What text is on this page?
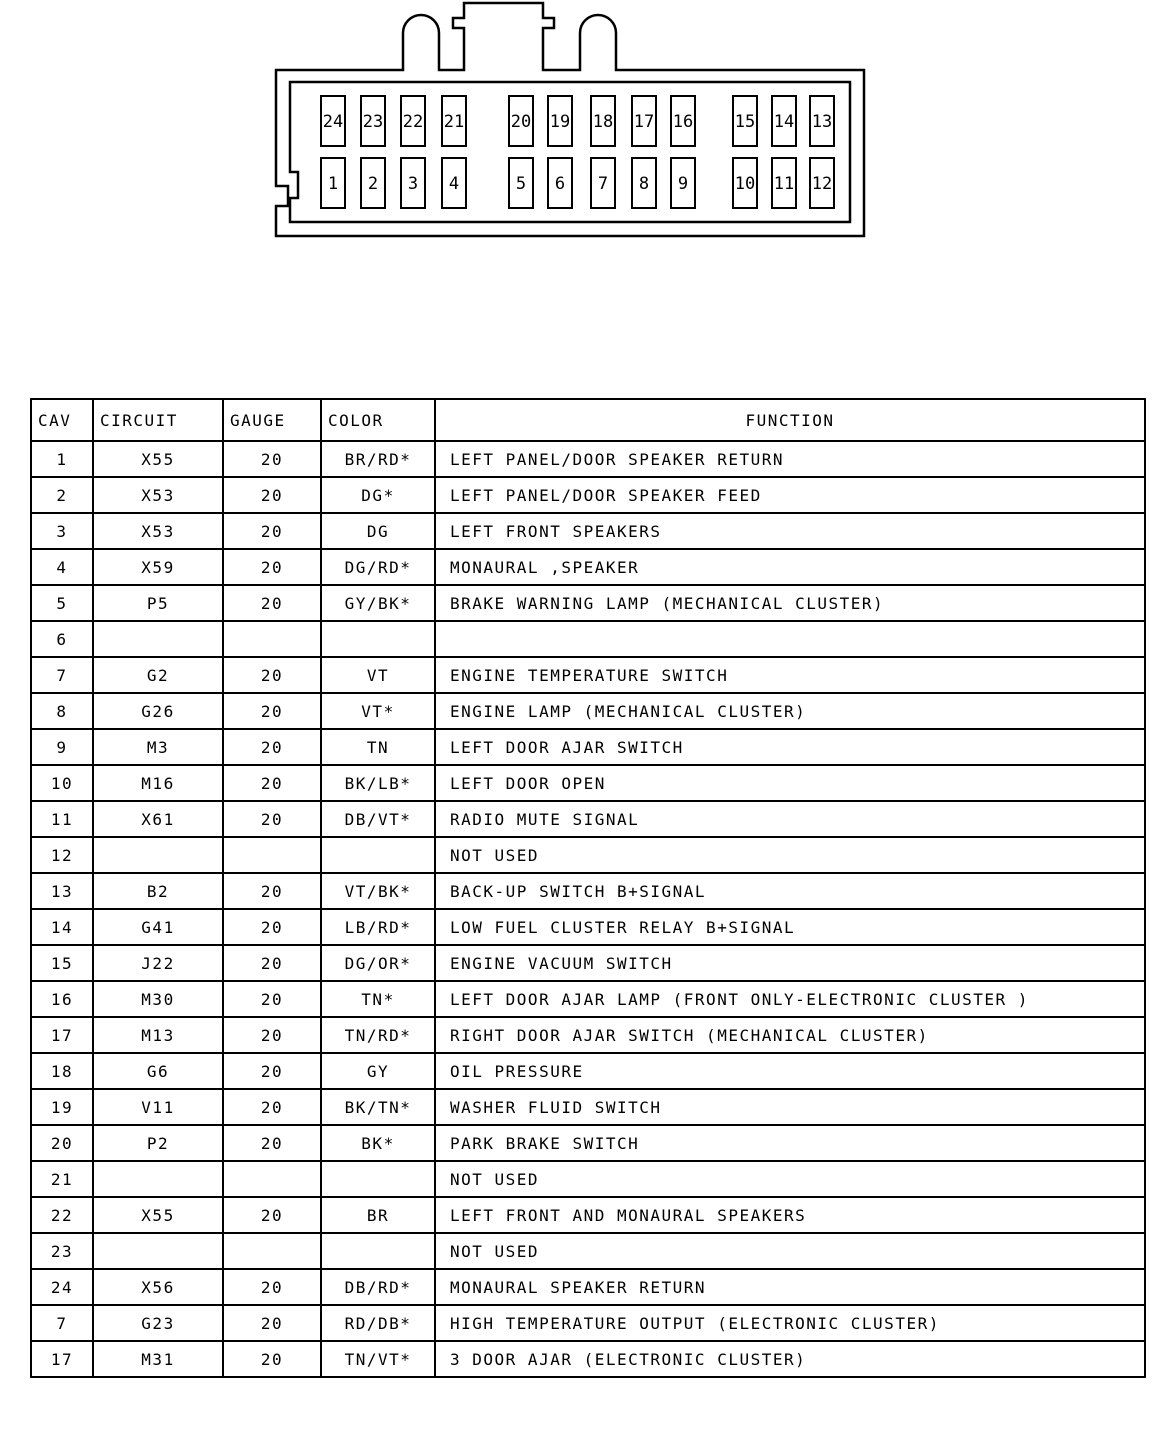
24 23 22 21	20 19 18 17 16 15 14 13
1 2 3 4	5 6 7 8 9	10 11 12
CAV	CIRCUIT	GAUGE	COLOR	FUNCTION
1	X55	20	BR/RD*	LEFT PANEL/DOOR SPEAKER RETURN
2	X53	20	DG*	LEFT PANEL/DOOR SPEAKER FEED
3	X53	20	DG	LEFT FRONT SPEAKERS
4	X59	20	DG/RD*	MONAURAL ,SPEAKER
5	P5	20	GY/BK*	BRAKE WARNING LAMP (MECHANICAL CLUSTER)
6				
7	G2	20	VT	ENGINE TEMPERATURE SWITCH
8	G26	20	VT*	ENGINE LAMP (MECHANICAL CLUSTER)
9	M3	20	TN	LEFT DOOR AJAR SWITCH
10	M16	20	BK/LB*	LEFT DOOR OPEN
11	X61	20	DB/VT*	RADIO MUTE SIGNAL
12				NOT USED
13	B2	20	VT/BK*	BACK-UP SWITCH B+SIGNAL
14	G41	20	LB/RD*	LOW FUEL CLUSTER RELAY B+SIGNAL
15	J22	20	DG/OR*	ENGINE VACUUM SWITCH
16	M30	20	TN*	LEFT DOOR AJAR LAMP (FRONT ONLY-ELECTRONIC CLUSTER )
17	M13	20	TN/RD*	RIGHT DOOR AJAR SWITCH (MECHANICAL CLUSTER)
18	G6	20	GY	OIL PRESSURE
19	V11	20	BK/TN*	WASHER FLUID SWITCH
20	P2	20	BK*	PARK BRAKE SWITCH
21				NOT USED
22	X55	20	BR	LEFT FRONT AND MONAURAL SPEAKERS
23				NOT USED
24	X56	20	DB/RD*	MONAURAL SPEAKER RETURN
7	G23	20	RD/DB*	HIGH TEMPERATURE OUTPUT (ELECTRONIC CLUSTER)
17	M31	20	TN/VT*	3 DOOR AJAR (ELECTRONIC CLUSTER)
